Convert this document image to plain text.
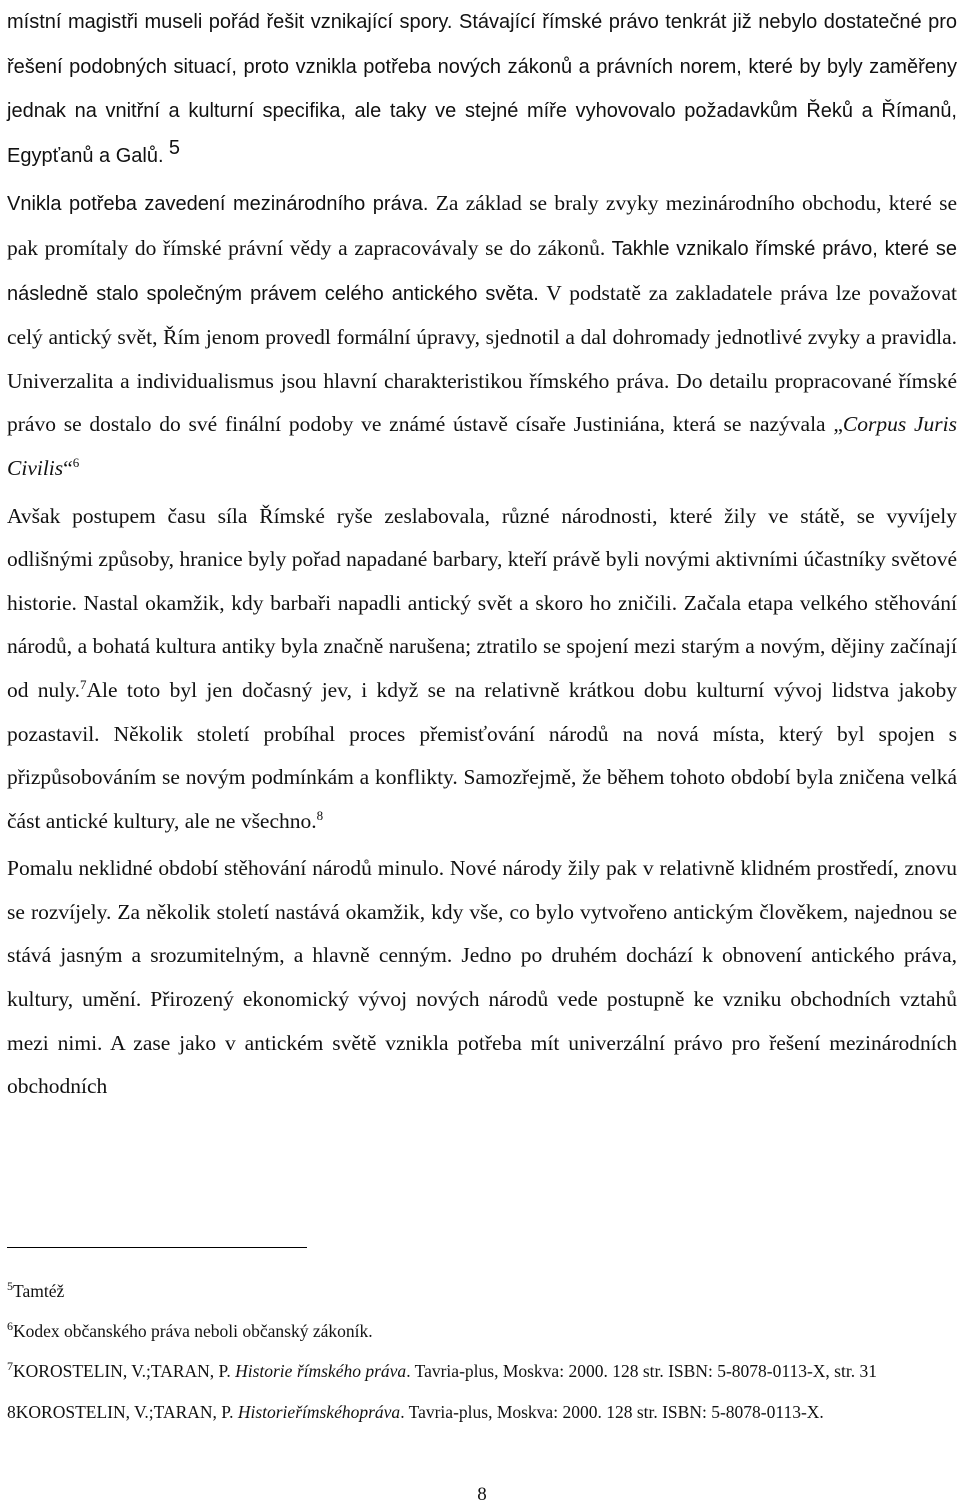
místní magistři museli pořád řešit vznikající spory. Stávající římské právo tenkrát již nebylo dostatečné pro řešení podobných situací, proto vznikla potřeba nových zákonů a právních norem, které by byly zaměřeny jednak na vnitřní a kulturní specifika, ale taky ve stejné míře vyhovovalo požadavkům Řeků a Římanů, Egypťanů a Galů. $^5$

Vnikla potřeba zavedení mezinárodního práva. Za základ se braly zvyky mezinárodního obchodu, které se pak promítaly do římské právní vědy a zapracovávaly se do zákonů. Takhle vznikalo římské právo, které se následně stalo společným právem celého antického světa. V podstatě za zakladatele práva lze považovat celý antický svět, Řím jenom provedl formální úpravy, sjednotil a dal dohromady jednotlivé zvyky a pravidla. Univerzalita a individualismus jsou hlavní charakteristikou římského práva. Do detailu propracované římské právo se dostalo do své finální podoby ve známé ústavě císaře Justiniána, která se nazývala „Corpus Juris Civilis“$^6$

Avšak postupem času síla Římské ryše zeslabovala, různé národnosti, které žily ve státě, se vyvíjely odlišnými způsoby, hranice byly pořad napadané barbary, kteří právě byli novými aktivními účastníky světové historie. Nastal okamžik, kdy barbaři napadli antický svět a skoro ho zničili. Začala etapa velkého stěhování národů, a bohatá kultura antiky byla značně narušena; ztratilo se spojení mezi starým a novým, dějiny začínají od nuly.$^7$Ale toto byl jen dočasný jev, i když se na relativně krátkou dobu kulturní vývoj lidstva jakoby pozastavil. Několik století probíhal proces přemisťování národů na nová místa, který byl spojen s přizpůsobováním se novým podmínkám a konflikty. Samozřejmě, že během tohoto období byla zničena velká část antické kultury, ale ne všechno.$^8$

Pomalu neklidné období stěhování národů minulo. Nové národy žily pak v relativně klidném prostředí, znovu se rozvíjely. Za několik století nastává okamžik, kdy vše, co bylo vytvořeno antickým člověkem, najednou se stává jasným a srozumitelným, a hlavně cenným. Jedno po druhém dochází k obnovení antického práva, kultury, umění. Přirozený ekonomický vývoj nových národů vede postupně ke vzniku obchodních vztahů mezi nimi. A zase jako v antickém světě vznikla potřeba mít univerzální právo pro řešení mezinárodních obchodních

$^5$Tamtéž

$^6$Kodex občanského práva neboli občanský zákoník.

$^7$KOROSTELIN, V.;TARAN, P. Historie římského práva. Tavria-plus, Moskva: 2000. 128 str. ISBN: 5-8078-0113-X, str. 31

8KOROSTELIN, V.;TARAN, P. Historieřímskéhopráva. Tavria-plus, Moskva: 2000. 128 str. ISBN: 5-8078-0113-X.

8
